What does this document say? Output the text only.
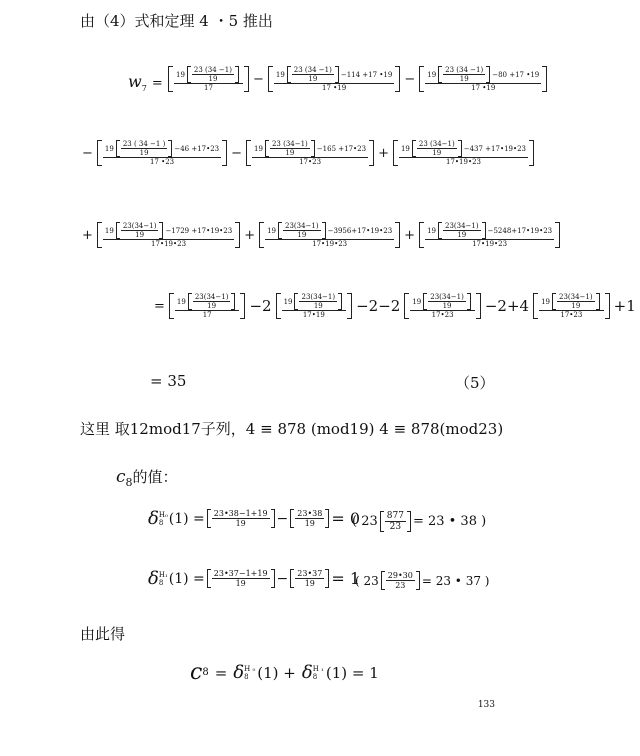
由（4）式和定理 4 ・5 推出
$w_7 = \frac{19 \frac{23 (34 -1)}{19}}{17} - \frac{19 \frac{23 (34 -1)}{19} -114 +17 •19}{17 •19} - \frac{19 \frac{23 (34 -1)}{19} -80 +17 •19}{17 •19}$
− $\frac{19 \frac{23 ( 34 -1 )}{19} -46 +17•23}{17 •23} - \frac{19 \frac{23 (34-1)}{19} -165 +17•23}{17•23} + \frac{19 \frac{23 (34-1)}{19} -437 +17•19•23}{17•19•23}$
+ $\frac{19 \frac{23(34-1)}{19} -1729 +17•19•23}{17•19•23} + \frac{19 \frac{23(34-1)}{19} -3956+17•19•23}{17•19•23} + \frac{19 \frac{23(34-1)}{19} -5248+17•19•23}{17•19•23}$
= $\frac{19 \frac{23(34-1)}{19}}{17} -2 \frac{19 \frac{23(34-1)}{19}}{17•19} -2-2 \frac{19 \frac{23(34-1)}{19}}{17•23} -2+4 \frac{19 \frac{23(34-1)}{19}}{17•23} +1$
= 35	（5）
这里 取12mod17子列，4 ≡ 878 (mod19) 4 ≡ 878(mod23)
$c_8$的值：
δ H₀
8 $(1) = \frac{23•38-1+19}{19} - \frac{23•38}{19} = 0$
( $23 \frac{877}{23} = 23$ • 38 )
δ H₁
8 $(1) = \frac{23•37-1+19}{19} - \frac{23•37}{19} = 1$
( $23 \frac{29•30}{23} = 23$ • 37 )
由此得
c 8 = δ H ₀
8 (1) + δ H ₁
8 (1) = 1
133
